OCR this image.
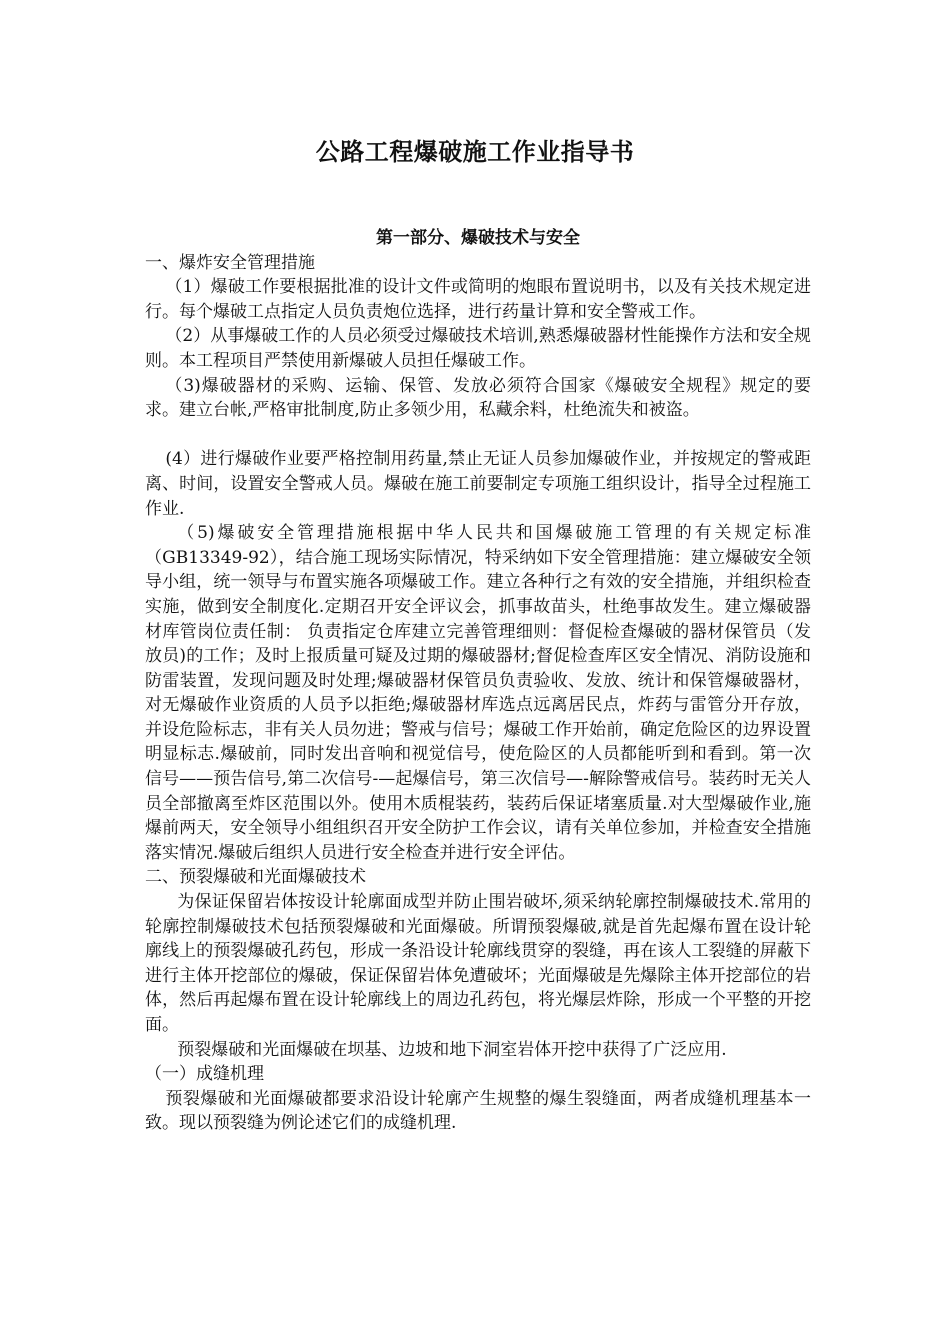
公路工程爆破施工作业指导书

第一部分、爆破技术与安全

一、爆炸安全管理措施

（1）爆破工作要根据批准的设计文件或简明的炮眼布置说明书，以及有关技术规定进行。每个爆破工点指定人员负责炮位选择，进行药量计算和安全警戒工作。

（2）从事爆破工作的人员必须受过爆破技术培训,熟悉爆破器材性能操作方法和安全规则。本工程项目严禁使用新爆破人员担任爆破工作。

（3)爆破器材的采购、运输、保管、发放必须符合国家《爆破安全规程》规定的要求。建立台帐,严格审批制度,防止多领少用，私藏余料，杜绝流失和被盗。

(4）进行爆破作业要严格控制用药量,禁止无证人员参加爆破作业，并按规定的警戒距离、时间，设置安全警戒人员。爆破在施工前要制定专项施工组织设计，指导全过程施工作业.

（5)爆破安全管理措施根据中华人民共和国爆破施工管理的有关规定标准（GB13349-92），结合施工现场实际情况，特采纳如下安全管理措施：建立爆破安全领导小组，统一领导与布置实施各项爆破工作。建立各种行之有效的安全措施，并组织检查实施，做到安全制度化.定期召开安全评议会，抓事故苗头，杜绝事故发生。建立爆破器材库管岗位责任制： 负责指定仓库建立完善管理细则：督促检查爆破的器材保管员（发放员)的工作；及时上报质量可疑及过期的爆破器材;督促检查库区安全情况、消防设施和防雷装置，发现问题及时处理;爆破器材保管员负责验收、发放、统计和保管爆破器材，对无爆破作业资质的人员予以拒绝;爆破器材库选点远离居民点，炸药与雷管分开存放，并设危险标志，非有关人员勿进；警戒与信号；爆破工作开始前，确定危险区的边界设置明显标志.爆破前，同时发出音响和视觉信号，使危险区的人员都能听到和看到。第一次信号——预告信号,第二次信号-—起爆信号，第三次信号—-解除警戒信号。装药时无关人员全部撤离至炸区范围以外。使用木质棍装药，装药后保证堵塞质量.对大型爆破作业,施爆前两天，安全领导小组组织召开安全防护工作会议，请有关单位参加，并检查安全措施落实情况.爆破后组织人员进行安全检查并进行安全评估。

二、预裂爆破和光面爆破技术

为保证保留岩体按设计轮廓面成型并防止围岩破坏,须采纳轮廓控制爆破技术.常用的轮廓控制爆破技术包括预裂爆破和光面爆破。所谓预裂爆破,就是首先起爆布置在设计轮廓线上的预裂爆破孔药包，形成一条沿设计轮廓线贯穿的裂缝，再在该人工裂缝的屏蔽下进行主体开挖部位的爆破，保证保留岩体免遭破坏；光面爆破是先爆除主体开挖部位的岩体，然后再起爆布置在设计轮廓线上的周边孔药包，将光爆层炸除，形成一个平整的开挖面。

预裂爆破和光面爆破在坝基、边坡和地下洞室岩体开挖中获得了广泛应用.

（一）成缝机理

预裂爆破和光面爆破都要求沿设计轮廓产生规整的爆生裂缝面，两者成缝机理基本一致。现以预裂缝为例论述它们的成缝机理.
